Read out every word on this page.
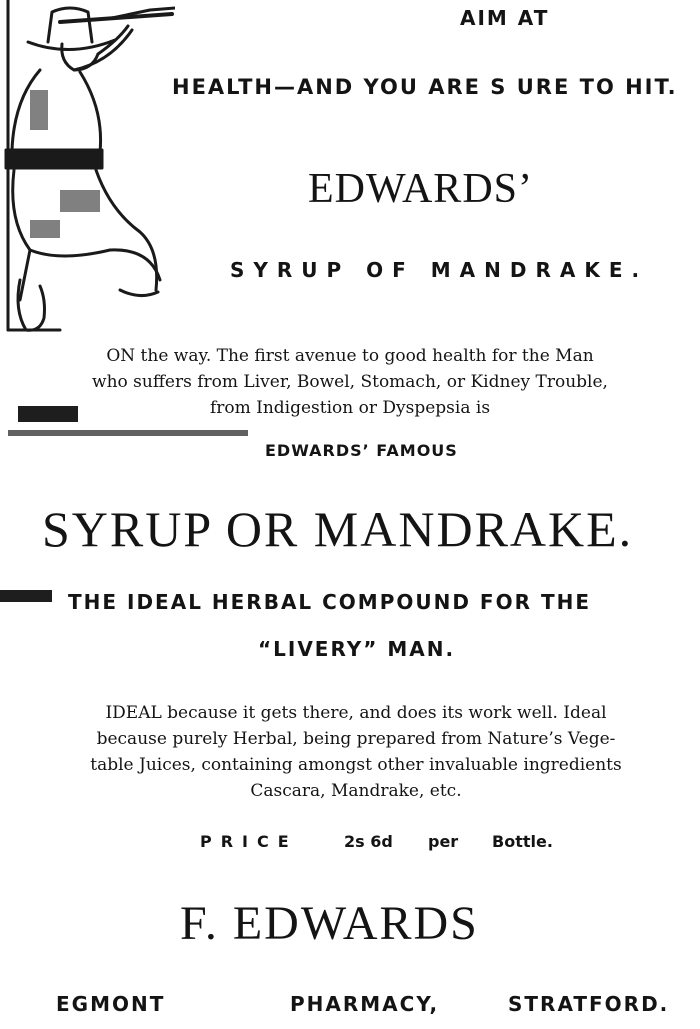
AIM AT
HEALTH—AND YOU ARE S URE TO HIT.
EDWARDS’
SYRUP OF MANDRAKE.
ON the way. The first avenue to good health for the Man
who suffers from Liver, Bowel, Stomach, or Kidney Trouble,
from Indigestion or Dyspepsia is
EDWARDS’ FAMOUS
SYRUP OR MANDRAKE.
THE IDEAL HERBAL COMPOUND FOR THE
“LIVERY” MAN.
IDEAL because it gets there, and does its work well. Ideal
because purely Herbal, being prepared from Nature’s Vege-
table Juices, containing amongst other invaluable ingredients
Cascara, Mandrake, etc.
PRICE	2s 6d per Bottle.
F. EDWARDS
EGMONT	PHARMACY,	STRATFORD.
